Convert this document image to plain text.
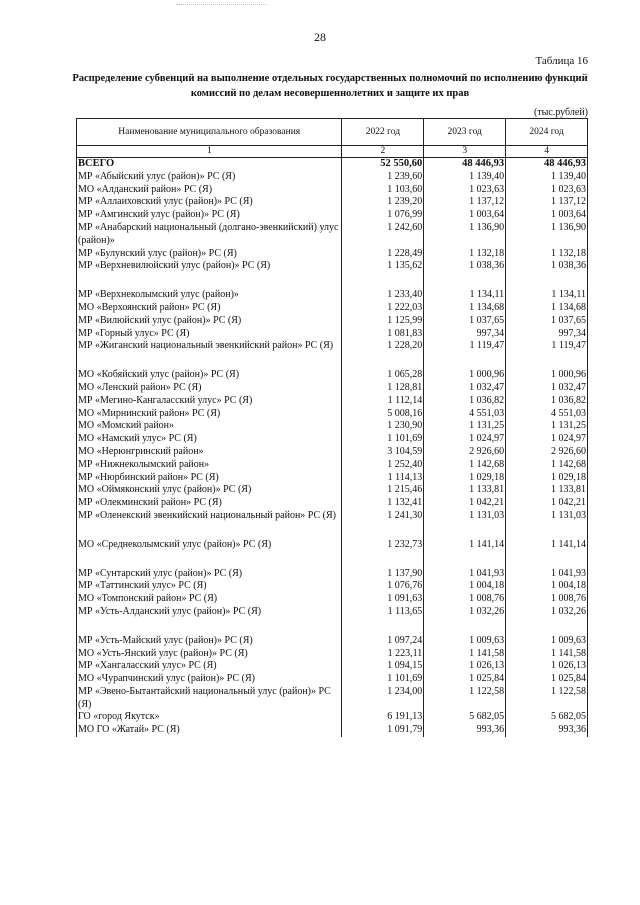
28
Таблица 16
Распределение субвенций на выполнение отдельных государственных полномочий по исполнению функций комиссий по делам несовершеннолетних и защите их прав
(тыс.рублей)
Наименование муниципального образования	2022 год	2023 год	2024 год
1	2	3	4
ВСЕГО	52 550,60	48 446,93	48 446,93
МР «Абыйский улус (район)» РС (Я)	1 239,60	1 139,40	1 139,40
МО «Алданский район» РС (Я)	1 103,60	1 023,63	1 023,63
МР «Аллаиховский улус (район)» РС (Я)	1 239,20	1 137,12	1 137,12
МР «Амгинский улус (район)» РС (Я)	1 076,99	1 003,64	1 003,64
МР «Анабарский национальный (долгано-эвенкийский) улус (район)»	1 242,60	1 136,90	1 136,90
МР «Булунский улус (район)» РС (Я)	1 228,49	1 132,18	1 132,18
МР «Верхневилюйский улус (район)» РС (Я)	1 135,62	1 038,36	1 038,36

МР «Верхнеколымский улус (район)»	1 233,40	1 134,11	1 134,11
МО «Верхоянский район» РС (Я)	1 222,03	1 134,68	1 134,68
МР «Вилюйский улус (район)» РС (Я)	1 125,99	1 037,65	1 037,65
МР «Горный улус» РС (Я)	1 081,83	997,34	997,34
МР «Жиганский национальный эвенкийский район» РС (Я)	1 228,20	1 119,47	1 119,47

МО «Кобяйский улус (район)» РС (Я)	1 065,28	1 000,96	1 000,96
МО «Ленский район» РС (Я)	1 128,81	1 032,47	1 032,47
МР «Мегино-Кангаласский улус» РС (Я)	1 112,14	1 036,82	1 036,82
МО «Мирнинский район» РС (Я)	5 008,16	4 551,03	4 551,03
МО «Момский район»	1 230,90	1 131,25	1 131,25
МО «Намский улус» РС (Я)	1 101,69	1 024,97	1 024,97
МО «Нерюнгринский район»	3 104,59	2 926,60	2 926,60
МР «Нижнеколымский район»	1 252,40	1 142,68	1 142,68
МР «Нюрбинский район» РС (Я)	1 114,13	1 029,18	1 029,18
МО «Оймяконский улус (район)» РС (Я)	1 215,46	1 133,81	1 133,81
МР «Олекминский район» РС (Я)	1 132,41	1 042,21	1 042,21
МР «Оленекский эвенкийский национальный район» РС (Я)	1 241,30	1 131,03	1 131,03

МО «Среднеколымский улус (район)» РС (Я)	1 232,73	1 141,14	1 141,14

МР «Сунтарский улус (район)» РС (Я)	1 137,90	1 041,93	1 041,93
МР «Таттинский улус» РС (Я)	1 076,76	1 004,18	1 004,18
МО «Томпонский район» РС (Я)	1 091,63	1 008,76	1 008,76
МР «Усть-Алданский улус (район)» РС (Я)	1 113,65	1 032,26	1 032,26

МР «Усть-Майский улус (район)» РС (Я)	1 097,24	1 009,63	1 009,63
МО «Усть-Янский улус (район)» РС (Я)	1 223,11	1 141,58	1 141,58
МР «Хангаласский улус» РС (Я)	1 094,15	1 026,13	1 026,13
МО «Чурапчинский улус (район)» РС (Я)	1 101,69	1 025,84	1 025,84
МР «Эвено-Бытантайский национальный улус (район)» РС (Я)	1 234,00	1 122,58	1 122,58
ГО «город Якутск»	6 191,13	5 682,05	5 682,05
МО ГО «Жатай» РС (Я)	1 091,79	993,36	993,36
